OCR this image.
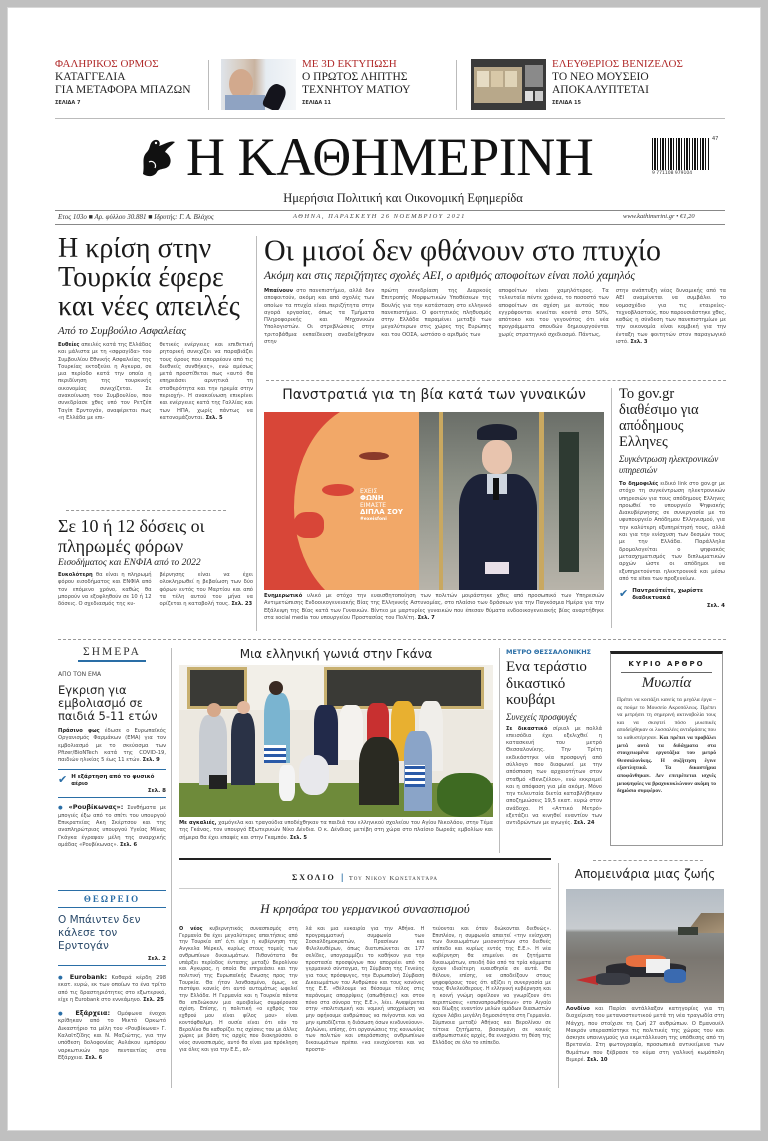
ΦΑΛΗΡΙΚΟΣ ΟΡΜΟΣ
ΚΑΤΑΓΓΕΛΙΑ
ΓΙΑ ΜΕΤΑΦΟΡΑ ΜΠΑΖΩΝ
ΣΕΛΙΔΑ 7
ΜΕ 3D ΕΚΤΥΠΩΣΗ
Ο ΠΡΩΤΟΣ ΛΗΠΤΗΣ
ΤΕΧΝΗΤΟΥ ΜΑΤΙΟΥ
ΣΕΛΙΔΑ 11
ΕΛΕΥΘΕΡΙΟΣ ΒΕΝΙΖΕΛΟΣ
ΤΟ ΝΕΟ ΜΟΥΣΕΙΟ
ΑΠΟΚΑΛΥΠΤΕΤΑΙ
ΣΕΛΙΔΑ 15
Η ΚΑΘΗΜΕΡΙΝΗ	9 771108 979104
47
Ημερήσια Πολιτική και Οικονομική Εφημερίδα
Ετος 103ο ■ Αρ. φύλλου 30.881 ■ Ιδρυτής: Γ. Α. Βλάχος	ΑΘΗΝΑ, ΠΑΡΑΣΚΕΥΗ 26 ΝΟΕΜΒΡΙΟΥ 2021	www.kathimerini.gr • €1,20
Η κρίση στην Τουρκία έφερε και νέες απειλές
Από το Συμβούλιο Ασφαλείας
Ευθείες απειλές κατά της Ελλάδας και μάλιστα με τη «σφραγίδα» του Συμβουλίου Εθνικής Ασφαλείας της Τουρκίας εκτοξεύει η Αγκυρα, σε μια περίοδο κατά την οποία η περιδίνηση της τουρκικής οικονομίας συνεχίζεται. Σε ανακοίνωση του Συμβουλίου, που συνεδρίασε χθες υπό τον Ρετζέπ Ταγίπ Ερντογάν, αναφέρεται πως «η Ελλάδα με επι-
θετικές ενέργειες και επιθετική ρητορική συνεχίζει να παραβιάζει τους όρους που απορρέουν από τις διεθνείς συνθήκες», ενώ αμέσως μετά προστίθεται πως «αυτό θα επηρεάσει αρνητικά τη σταθερότητα και την ηρεμία στην περιοχή». Η ανακοίνωση επικρίνει και ενέργειες κατά της Γαλλίας και των ΗΠΑ, χωρίς πάντως να κατονομάζονται. Σελ. 5
Σε 10 ή 12 δόσεις οι πληρωμές φόρων
Εισοδήματος και ΕΝΦΙΑ από το 2022
Ευκολότερη θα είναι η πληρωμή φόρου εισοδήματος και ΕΝΦΙΑ από τον επόμενο χρόνο, καθώς θα μπορούν να εξοφληθούν σε 10 ή 12 δόσεις. Ο σχεδιασμός της κυ-
βέρνησης είναι να έχει ολοκληρωθεί η βεβαίωση των δύο φόρων εντός του Μαρτίου και από τα τέλη αυτού του μήνα να ορίζεται η καταβολή τους. Σελ. 23
Οι μισοί δεν φθάνουν στο πτυχίο
Ακόμη και στις περιζήτητες σχολές ΑΕΙ, ο αριθμός αποφοίτων είναι πολύ χαμηλός
Μπαίνουν στο πανεπιστήμιο, αλλά δεν αποφοιτούν, ακόμη και από σχολές των οποίων τα πτυχία είναι περιζήτητα στην αγορά εργασίας, όπως τα Τμήματα Πληροφορικής και Μηχανικών Υπολογιστών. Οι στρεβλώσεις στην τριτοβάθμια εκπαίδευση αναδείχθηκαν στην
πρώτη συνεδρίαση της Διαρκούς Επιτροπής Μορφωτικών Υποθέσεων της Βουλής για την κατάσταση στο ελληνικό πανεπιστήμιο. Ο φοιτητικός πληθυσμός στην Ελλάδα παραμένει μεταξύ των μεγαλύτερων στις χώρες της Ευρώπης και του ΟΟΣΑ, ωστόσο ο αριθμός των
αποφοίτων είναι χαμηλότερος. Τα τελευταία πέντε χρόνια, το ποσοστό των αποφοίτων σε σχέση με αυτούς που εγγράφονται κινείται κοντά στο 50%, απότοκο και του γεγονότος ότι νέα προγράμματα σπουδών δημιουργούνται χωρίς στρατηγικό σχεδιασμό. Πάντως,
στην ανάπτυξη νέας δυναμικής από τα ΑΕΙ αναμένεται να συμβάλει το νομοσχέδιο για τις εταιρείες-τεχνοβλαστούς, που παρουσιάστηκε χθες, καθώς η σύνδεση των πανεπιστημίων με την οικονομία είναι κομβική για την ένταξη των φοιτητών στον παραγωγικό ιστό. Σελ. 3
Πανστρατιά για τη βία κατά των γυναικών
ΕΧΕΙΣ
ΦΩΝΗ
ΕΙΜΑΣΤΕ
ΔΙΠΛΑ ΣΟΥ
#exeisfoni
Ενημερωτικό υλικό με στόχο την ευαισθητοποίηση των πολιτών μοιράστηκε χθες από προσωπικό των Υπηρεσιών Αντιμετώπισης Ενδοοικογενειακής Βίας της Ελληνικής Αστυνομίας, στο πλαίσιο των δράσεων για την Παγκόσμια Ημέρα για την Εξάλειψη της Βίας κατά των Γυναικών. Βίντεο με μαρτυρίες γυναικών που έπεσαν θύματα ενδοοικογενειακής βίας αναρτήθηκε στα social media του υπουργείου Προστασίας του Πολίτη. Σελ. 7
Το gov.gr διαθέσιμο για απόδημους Ελληνες
Συγκέντρωση ηλεκτρονικών υπηρεσιών
Το δημοφιλές ειδικό link στο gov.gr με στόχο τη συγκέντρωση ηλεκτρονικών υπηρεσιών για τους απόδημους Ελληνες προωθεί το υπουργείο Ψηφιακής Διακυβέρνησης σε συνεργασία με το υφυπουργείο Απόδημου Ελληνισμού, για την καλύτερη εξυπηρέτησή τους, αλλά και για την ενίσχυση των δεσμών τους με την Ελλάδα. Παράλληλα δρομολογείται ο ψηφιακός μετασχηματισμός των διπλωματικών αρχών ώστε οι απόδημοι να εξυπηρετούνται ηλεκτρονικά και μέσω από τα sites των προξενείων.
✔ Παντρεύτείτε, χωρίστε διαδικτυακά
Σελ. 4
ΣΗΜΕΡΑ
ΑΠΟ ΤΟΝ ΕΜΑ
Εγκριση για εμβολιασμό σε παιδιά 5-11 ετών
Πράσινο φως έδωσε ο Ευρωπαϊκός Οργανισμός Φαρμάκων (ΕΜΑ) για τον εμβολιασμό με το σκεύασμα των Pfizer/BioNTech κατά της COVID-19, παιδιών ηλικίας 5 έως 11 ετών. Σελ. 9
✔ Η εξάρτηση από το φυσικό αέριο
Σελ. 8
● «Ρουβίκωνας»: Συνθήματα με μπογιές έξω από το σπίτι του υπουργού Επικρατείας Ακη Σκέρτσου και της αναπληρώτριας υπουργού Υγείας Μίνας Γκάγκα έγραψαν μέλη της αναρχικής ομάδας «Ρουβίκωνας». Σελ. 6
ΘΕΩΡΕΙΟ
Ο Μπάιντεν δεν κάλεσε τον Ερντογάν
Σελ. 2
● Eurobank: Καθαρά κέρδη 298 εκατ. ευρώ, εκ των οποίων το ένα τρίτο από τις δραστηριότητες στο εξωτερικό, είχε η Eurobank στο εννεάμηνο. Σελ. 25
● Εξάρχεια: Ομόφωνα ένοχοι κρίθηκαν από το Μικτό Ορκωτό Δικαστήριο τα μέλη του «Ρουβίκωνα» Γ. Καλαϊτζίδης και Ν. Μαζιώτης, για την υπόθεση δολοφονίας Αυλάκου εμπόρου ναρκωτικών προ πενταετίας στα Εξάρχεια. Σελ. 6
Μια ελληνική γωνιά στην Γκάνα
Με αγκαλιές, χαμόγελα και τραγούδια υποδέχθηκαν τα παιδιά του ελληνικού σχολείου του Αγίου Νικολάου, στην Τέμα της Γκάνας, τον υπουργό Εξωτερικών Νίκο Δένδια. Ο κ. Δένδιας μετέβη στη χώρα στο πλαίσιο δωρεάς εμβολίων και σήμερα θα έχει επαφές και στην Γκαμπόν. Σελ. 5
ΜΕΤΡΟ ΘΕΣΣΑΛΟΝΙΚΗΣ
Ενα τεράστιο δικαστικό κουβάρι
Συνεχείς προσφυγές
Σε δικαστικό σίριαλ με πολλά επεισόδια έχει εξελιχθεί η κατασκευή του μετρό Θεσσαλονίκης. Την Τρίτη εκδικάστηκε νέα προσφυγή από σύλλογο που διαφωνεί με την απόσπαση των αρχαιοτήτων στον σταθμό «Βενιζέλου», ενώ εκκρεμεί και η απόφαση για μία ακόμη. Μόνο την τελευταία διετία καταβλήθηκαν αποζημιώσεις 19,5 εκατ. ευρώ στον ανάδοχο. Η «Αττικό Μετρό» εξετάζει να κινηθεί εναντίον των αντιδρώντων με αγωγές. Σελ. 24
ΚΥΡΙΟ ΑΡΘΡΟ
Μυωπία
Πρέπει να κοιτάξει κανείς τα μεγάλα έργα – ας πούμε το Μουσείο Ακροπόλεως. Πρέπει να μετρήσει τη σημερινή ακτινοβολία τους και να σκεφτεί πόσο μυωπικές αποδείχθηκαν οι λυσσαλέες αντιδράσεις που τα καθυστέρησαν. Και πρέπει να προβάλει μετά αυτά τα διδάγματα στα στοιχειωμένα εργοτάξια του μετρό Θεσσαλονίκης. Η συζήτηση έγινε εξαντλητικά. Τα δικαστήρια αποφάνθηκαν. Δεν επιτρέπεται ισχνές μειοψηφίες να βραχυκυκλώνουν ακόμη το δημόσιο συμφέρον.
ΣΧΟΛΙΟ | Του Νικου Κωνσταντάρα
Η κρησάρα του γερμανικού συνασπισμού
Ο νέος κυβερνητικός συνασπισμός στη Γερμανία θα έχει μεγαλύτερες απαιτήσεις από την Τουρκία απ' ό,τι είχε η κυβέρνηση της Ανγκελα Μέρκελ, κυρίως στους τομείς των ανθρωπίνων δικαιωμάτων. Πιθανότατα θα υπάρξει περίοδος έντασης μεταξύ Βερολίνου και Αγκυρας, η οποία θα επηρεάσει και την πολιτική της Ευρωπαϊκής Ενωσης προς την Τουρκία. Θα ήταν λανθασμένο, όμως, να πιστέψει κανείς ότι αυτό αυτομάτως ωφελεί την Ελλάδα. Η Γερμανία και η Τουρκία πάντα θα επιδιώκουν μια αμοιβαίως συμφέρουσα σχέση. Επίσης, η πολιτική «ο εχθρός του εχθρού μου είναι φίλος μου» είναι κοντόφθαλμη. Η ουσία είναι ότι εάν το Βερολίνο θα καθορίζει τις σχέσεις του με άλλες χώρες με βάση τις αρχές που διακηρύσσει ο νέος συνασπισμός, αυτό θα είναι μια πρόκληση για όλες και για την Ε.Ε., αλ-
λά και μια ευκαιρία για την Αθήνα. Η προγραμματική συμφωνία των Σοσιαλδημοκρατών, Πρασίνων και Φιλελευθέρων, όπως διατυπώνεται σε 177 σελίδες, υπογραμμίζει το καθήκον για την προστασία προσφύγων που απορρέει από το γερμανικό σύνταγμα, τη Σύμβαση της Γενεύης για τους πρόσφυγες, την Ευρωπαϊκή Σύμβαση Δικαιωμάτων του Ανθρώπου και τους κανόνες της Ε.Ε. «Θέλουμε να θέσουμε τέλος στις παράνομες απορρίψεις (απωθήσεις) και στον πόνο στα σύνορα της Ε.Ε.», λέει. Αναφέρεται στην «πολιτισμική και νομική υποχρέωση να μην αφήνουμε ανθρώπους να πνίγονται και να μην εμποδίζεται η διάσωση όσων κινδυνεύουν». Δηλώνει, επίσης, ότι οργανώσεις της κοινωνίας των πολιτών και υπεράσπισης ανθρωπίνων δικαιωμάτων πρέπει «να ενισχύονται και να προστα-
τεύονται και όταν διώκονται διεθνώς». Επιπλέον, η συμφωνία απαιτεί «την ενίσχυση των δικαιωμάτων μειονοτήτων στο διεθνές επίπεδο και κυρίως εντός της Ε.Ε.». Η νέα κυβέρνηση θα επιμείνει σε ζητήματα δικαιωμάτων, επειδή δύο από τα τρία κόμματα έχουν ιδιαίτερη ευαισθησία σε αυτά. Θα θέλουν, επίσης, να αποδείξουν στους ψηφοφόρους τους ότι αξίζει η συνεργασία με τους Φιλελεύθερους. Η ελληνική κυβέρνηση και η κοινή γνώμη οφείλουν να γνωρίζουν ότι περιπτώσεις «επαναπροωθήσεων» στο Αιγαίο και δίωξης εναντίον μελών ομάδων διασωστών έχουν λάβει μεγάλη δημοσιότητα στη Γερμανία. Σύμπνοια μεταξύ Αθήνας και Βερολίνου σε τέτοια ζητήματα, βασισμένη σε κοινές ανθρωπιστικές αρχές, θα ενισχύσει τη θέση της Ελλάδος σε όλο το επίπεδο.
Απομεινάρια μιας ζωής
Λονδίνο και Παρίσι αντάλλαξαν κατηγορίες για τη διαχείριση του μεταναστευτικού μετά τη νέα τραγωδία στη Μάγχη, που στοίχισε τη ζωή 27 ανθρώπων. Ο Εμανουέλ Μακρόν υπερασπίστηκε τις πολιτικές της χώρας του και άσκησε υπαινιγμούς για εκμετάλλευση της υπόθεσης από τη Βρετανία. Στη φωτογραφία, προσωπικά αντικείμενα των θυμάτων που ξέβρασε το κύμα στη γαλλική κωμόπολη Βιμερέ. Σελ. 10
